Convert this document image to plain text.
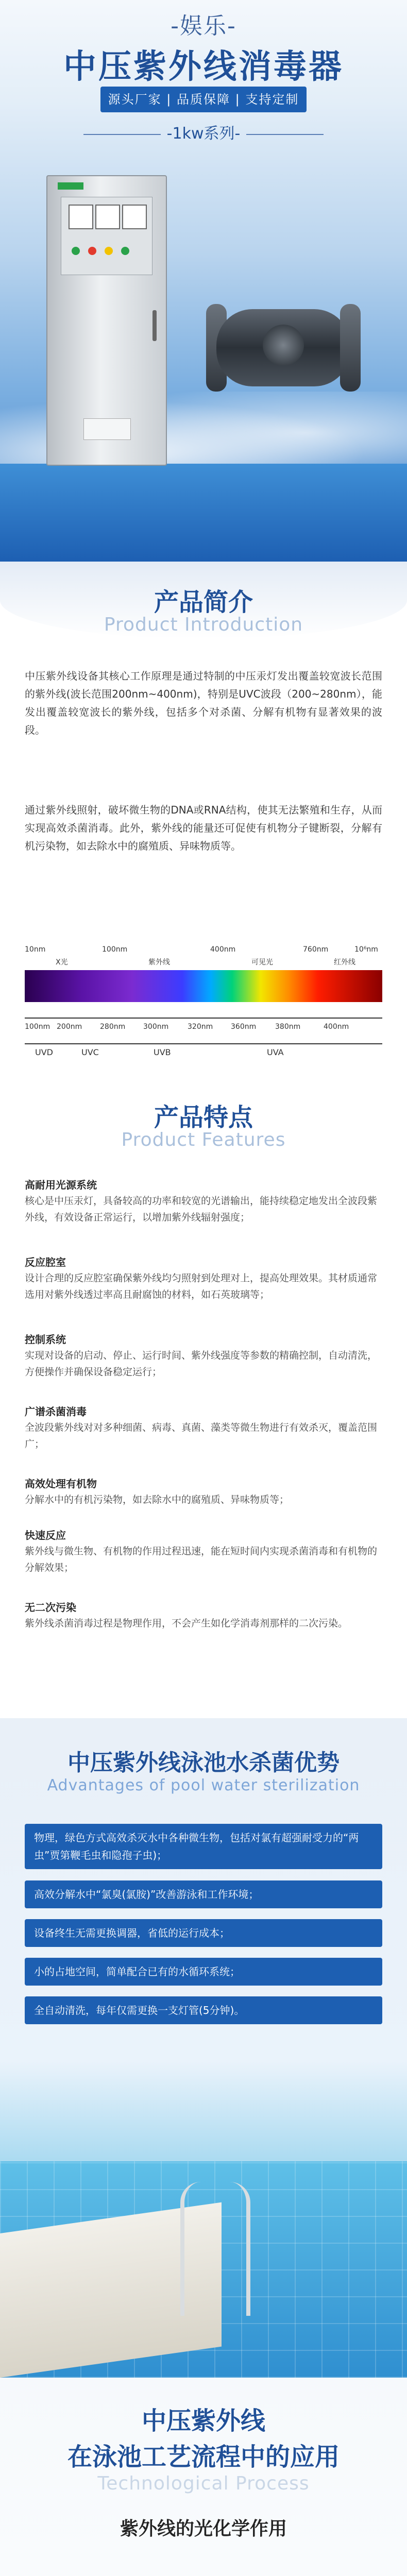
-娱乐-
中压紫外线消毒器
源头厂家 | 品质保障 | 支持定制
-1kw系列-
产品简介
Product Introduction
中压紫外线设备其核心工作原理是通过特制的中压汞灯发出覆盖较宽波长范围的紫外线(波长范围200nm~400nm)，特别是UVC波段（200~280nm），能发出覆盖较宽波长的紫外线，包括多个对杀菌、分解有机物有显著效果的波段。
通过紫外线照射，破坏微生物的DNA或RNA结构，使其无法繁殖和生存，从而实现高效杀菌消毒。此外，紫外线的能量还可促使有机物分子键断裂，分解有机污染物，如去除水中的腐殖质、异味物质等。
10nm	100nm	400nm	760nm	10⁶nm
X光	紫外线	可见光	红外线
100nm 200nm 280nm 300nm	320nm 360nm	380nm	400nm
UVD	UVC	UVB	UVA
产品特点
Product Features
高耐用光源系统
核心是中压汞灯，具备较高的功率和较宽的光谱输出，能持续稳定地发出全波段紫外线，有效设备正常运行，以增加紫外线辐射强度；
反应腔室
设计合理的反应腔室确保紫外线均匀照射到处理对上，提高处理效果。其材质通常选用对紫外线透过率高且耐腐蚀的材料，如石英玻璃等；
控制系统
实现对设备的启动、停止、运行时间、紫外线强度等参数的精确控制，自动清洗，方便操作并确保设备稳定运行；
广谱杀菌消毒
全波段紫外线对对多种细菌、病毒、真菌、藻类等微生物进行有效杀灭，覆盖范围广；
高效处理有机物
分解水中的有机污染物，如去除水中的腐殖质、异味物质等；
快速反应
紫外线与微生物、有机物的作用过程迅速，能在短时间内实现杀菌消毒和有机物的分解效果；
无二次污染
紫外线杀菌消毒过程是物理作用，不会产生如化学消毒剂那样的二次污染。
中压紫外线泳池水杀菌优势
Advantages of pool water sterilization
物理，绿色方式高效杀灭水中各种微生物，包括对氯有超强耐受力的“两虫”贾第鞭毛虫和隐孢子虫)；
高效分解水中“氯臭(氯胺)”改善游泳和工作环境；
设备终生无需更换调器，省低的运行成本；
小的占地空间，简单配合已有的水循环系统；
全自动清洗，每年仅需更换一支灯管(5分钟)。
中压紫外线
在泳池工艺流程中的应用
Technological Process
紫外线的光化学作用
